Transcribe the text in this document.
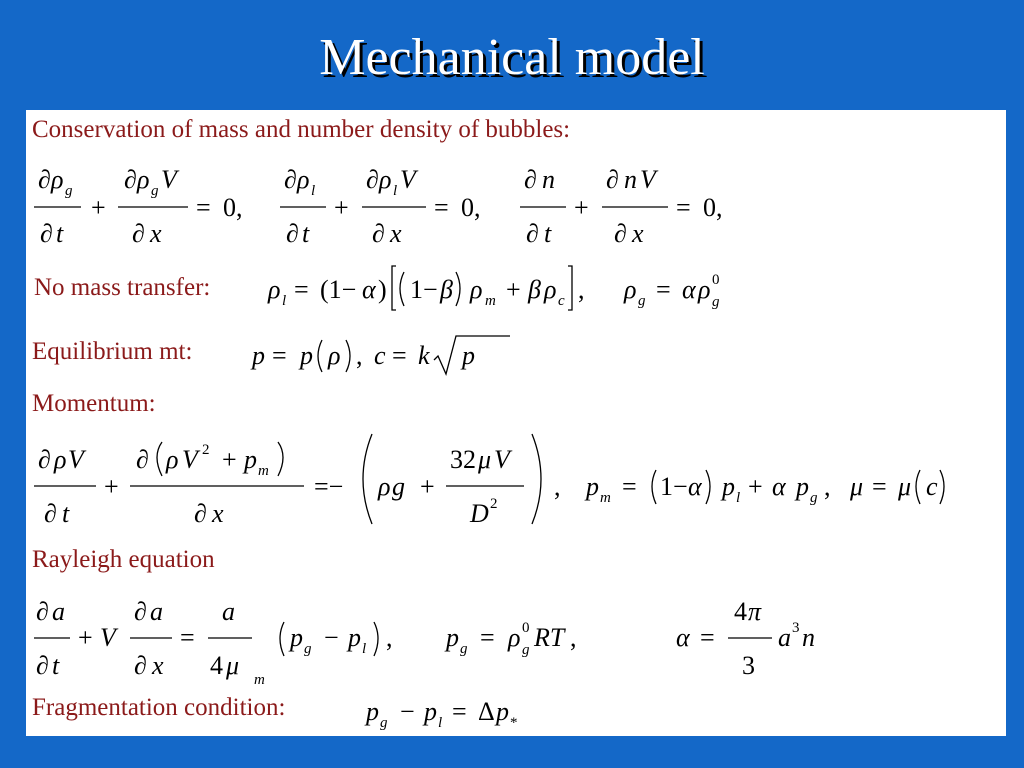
Mechanical model
Conservation of mass and number density of bubbles:
∂ ρ g
∂ t
+
∂ ρ g V
∂ x
= 0,
∂ ρ l
∂ t
+
∂ ρ l V
∂ x
= 0,
∂ n
∂ t
+
∂ n V
∂ x
= 0,
No mass transfer: ρ l = (1− α ) 1− β ρ m + β ρ c , ρ g = α ρ 0
g
Equilibrium mt: p = p ρ , c = k p
Momentum:
∂ ρ V
∂ t
+
∂ ρ V 2 + p m
∂ x
=− ρ g +
32 μ V
D 2
, p m = 1− α p l + α p g , μ = μ c
Rayleigh equation
∂ a
∂ t
+ V
∂ a
∂ x
=
a
4 μ m
p g − p l , p g = ρ 0
g RT ,	α =
4 π
3
a 3 n
Fragmentation condition:	p g − p l = Δ p *
